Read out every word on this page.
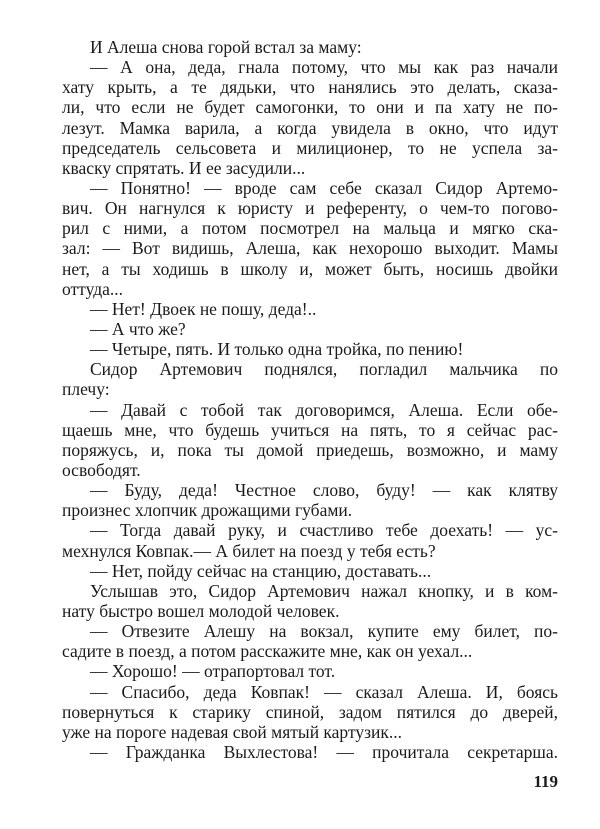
И Алеша снова горой встал за маму:
— А она, деда, гнала потому, что мы как раз начали
хату крыть, а те дядьки, что нанялись это делать, сказа-
ли, что если не будет самогонки, то они и па хату не по-
лезут. Мамка варила, а когда увидела в окно, что идут
председатель сельсовета и милиционер, то не успела за-
кваску спрятать. И ее засудили...
— Понятно! — вроде сам себе сказал Сидор Артемо-
вич. Он нагнулся к юристу и референту, о чем-то погово-
рил с ними, а потом посмотрел на мальца и мягко ска-
зал: — Вот видишь, Алеша, как нехорошо выходит. Мамы
нет, а ты ходишь в школу и, может быть, носишь двойки
оттуда...
— Нет! Двоек не пошу, деда!..
— А что же?
— Четыре, пять. И только одна тройка, по пению!
Сидор Артемович поднялся, погладил мальчика по
плечу:
— Давай с тобой так договоримся, Алеша. Если обе-
щаешь мне, что будешь учиться на пять, то я сейчас рас-
поряжусь, и, пока ты домой приедешь, возможно, и маму
освободят.
— Буду, деда! Честное слово, буду! — как клятву
произнес хлопчик дрожащими губами.
— Тогда давай руку, и счастливо тебе доехать! — ус-
мехнулся Ковпак.— А билет на поезд у тебя есть?
— Нет, пойду сейчас на станцию, доставать...
Услышав это, Сидор Артемович нажал кнопку, и в ком-
нату быстро вошел молодой человек.
— Отвезите Алешу на вокзал, купите ему билет, по-
садите в поезд, а потом расскажите мне, как он уехал...
— Хорошо! — отрапортовал тот.
— Спасибо, деда Ковпак! — сказал Алеша. И, боясь
повернуться к старику спиной, задом пятился до дверей,
уже на пороге надевая свой мятый картузик...
— Гражданка Выхлестова! — прочитала секретарша.
119
